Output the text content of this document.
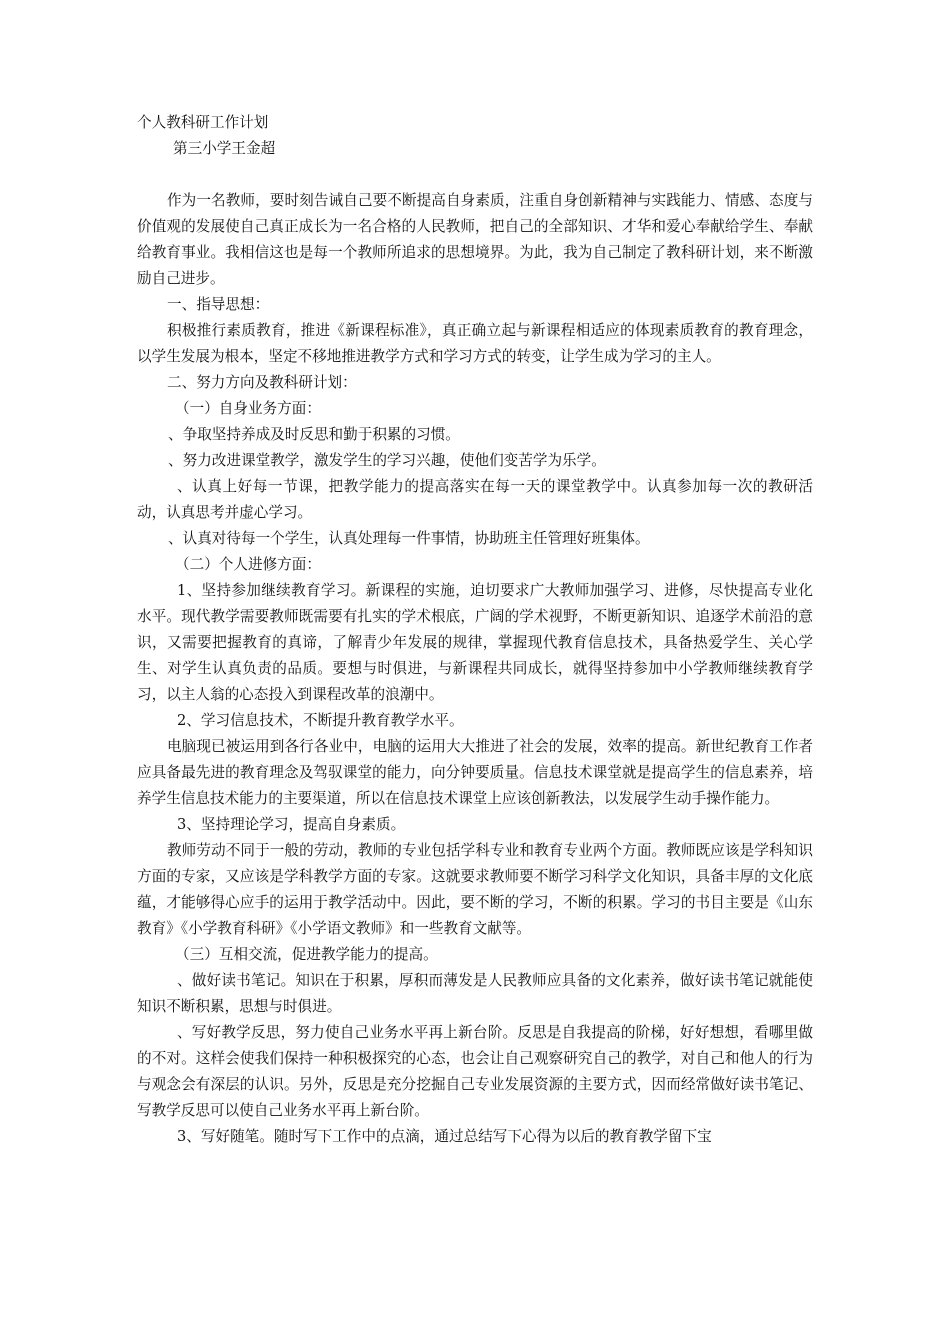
个人教科研工作计划
第三小学王金超

作为一名教师，要时刻告诫自己要不断提高自身素质，注重自身创新精神与实践能力、情感、态度与价值观的发展使自己真正成长为一名合格的人民教师，把自己的全部知识、才华和爱心奉献给学生、奉献给教育事业。我相信这也是每一个教师所追求的思想境界。为此，我为自己制定了教科研计划，来不断激励自己进步。

一、指导思想：

积极推行素质教育，推进《新课程标准》，真正确立起与新课程相适应的体现素质教育的教育理念，以学生发展为根本，坚定不移地推进教学方式和学习方式的转变，让学生成为学习的主人。

二、努力方向及教科研计划：

（一）自身业务方面：

、争取坚持养成及时反思和勤于积累的习惯。

、努力改进课堂教学，激发学生的学习兴趣，使他们变苦学为乐学。

、认真上好每一节课，把教学能力的提高落实在每一天的课堂教学中。认真参加每一次的教研活动，认真思考并虚心学习。

、认真对待每一个学生，认真处理每一件事情，协助班主任管理好班集体。

（二）个人进修方面：

1、坚持参加继续教育学习。新课程的实施，迫切要求广大教师加强学习、进修，尽快提高专业化水平。现代教学需要教师既需要有扎实的学术根底，广阔的学术视野，不断更新知识、追逐学术前沿的意识，又需要把握教育的真谛，了解青少年发展的规律，掌握现代教育信息技术，具备热爱学生、关心学生、对学生认真负责的品质。要想与时俱进，与新课程共同成长，就得坚持参加中小学教师继续教育学习，以主人翁的心态投入到课程改革的浪潮中。

2、学习信息技术，不断提升教育教学水平。

电脑现已被运用到各行各业中，电脑的运用大大推进了社会的发展，效率的提高。新世纪教育工作者应具备最先进的教育理念及驾驭课堂的能力，向分钟要质量。信息技术课堂就是提高学生的信息素养，培养学生信息技术能力的主要渠道，所以在信息技术课堂上应该创新教法，以发展学生动手操作能力。

3、坚持理论学习，提高自身素质。

教师劳动不同于一般的劳动，教师的专业包括学科专业和教育专业两个方面。教师既应该是学科知识方面的专家，又应该是学科教学方面的专家。这就要求教师要不断学习科学文化知识，具备丰厚的文化底蕴，才能够得心应手的运用于教学活动中。因此，要不断的学习，不断的积累。学习的书目主要是《山东教育》《小学教育科研》《小学语文教师》和一些教育文献等。

（三）互相交流，促进教学能力的提高。

、做好读书笔记。知识在于积累，厚积而薄发是人民教师应具备的文化素养，做好读书笔记就能使知识不断积累，思想与时俱进。

、写好教学反思，努力使自己业务水平再上新台阶。反思是自我提高的阶梯，好好想想，看哪里做的不对。这样会使我们保持一种积极探究的心态，也会让自己观察研究自己的教学，对自己和他人的行为与观念会有深层的认识。另外，反思是充分挖掘自己专业发展资源的主要方式，因而经常做好读书笔记、写教学反思可以使自己业务水平再上新台阶。

3、写好随笔。随时写下工作中的点滴，通过总结写下心得为以后的教育教学留下宝
